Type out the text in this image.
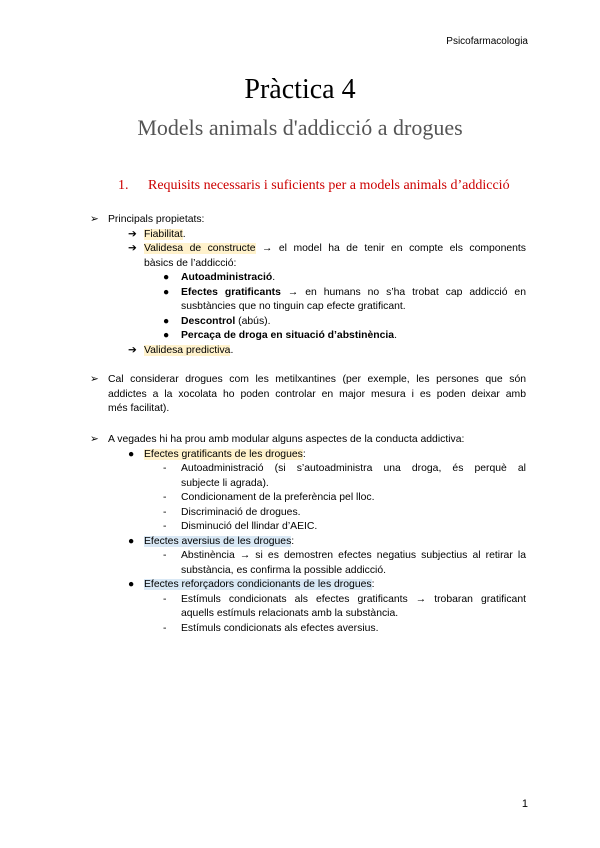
Psicofarmacologia
Pràctica 4
Models animals d'addicció a drogues
1. Requisits necessaris i suficients per a models animals d’addicció
➢ Principals propietats:
➔ Fiabilitat.
➔ Validesa de constructe → el model ha de tenir en compte els components
bàsics de l’addicció:
● Autoadministració.
● Efectes gratificants → en humans no s’ha trobat cap addicció en
susbtàncies que no tinguin cap efecte gratificant.
● Descontrol (abús).
● Percaça de droga en situació d’abstinència.
➔ Validesa predictiva.
➢ Cal considerar drogues com les metilxantines (per exemple, les persones que són
addictes a la xocolata ho poden controlar en major mesura i es poden deixar amb
més facilitat).
➢ A vegades hi ha prou amb modular alguns aspectes de la conducta addictiva:
● Efectes gratificants de les drogues:
- Autoadministració (si s’autoadministra una droga, és perquè al
subjecte li agrada).
- Condicionament de la preferència pel lloc.
- Discriminació de drogues.
- Disminució del llindar d’AEIC.
● Efectes aversius de les drogues:
- Abstinència → si es demostren efectes negatius subjectius al retirar la
substància, es confirma la possible addicció.
● Efectes reforçadors condicionants de les drogues:
- Estímuls condicionats als efectes gratificants → trobaran gratificant
aquells estímuls relacionats amb la substància.
- Estímuls condicionats als efectes aversius.
1
